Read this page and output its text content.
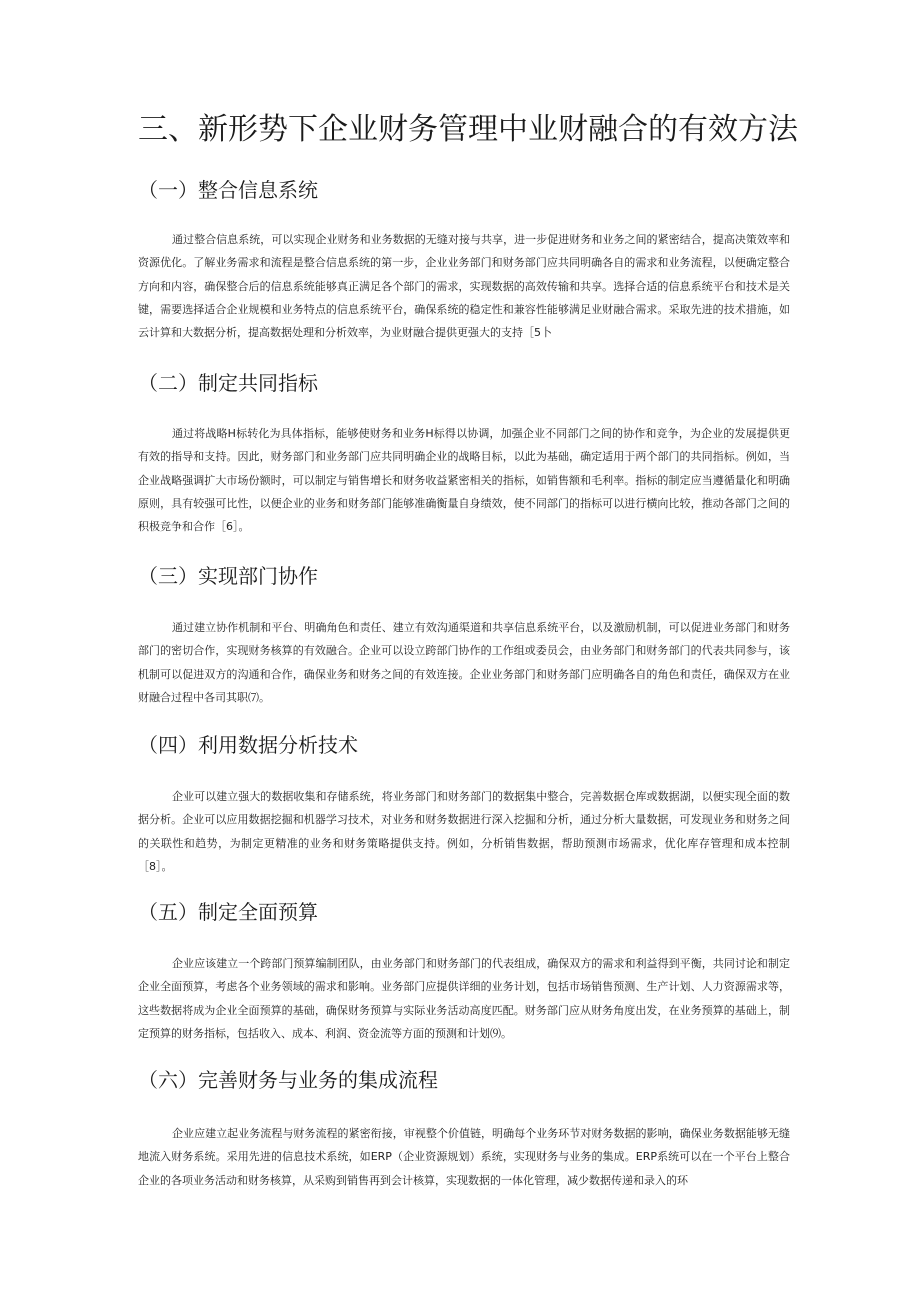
三、新形势下企业财务管理中业财融合的有效方法
（一）整合信息系统

通过整合信息系统，可以实现企业财务和业务数据的无缝对接与共享，进一步促进财务和业务之间的紧密结合，提高决策效率和资源优化。了解业务需求和流程是整合信息系统的第一步，企业业务部门和财务部门应共同明确各自的需求和业务流程，以便确定整合方向和内容，确保整合后的信息系统能够真正满足各个部门的需求，实现数据的高效传输和共享。选择合适的信息系统平台和技术是关键，需要选择适合企业规模和业务特点的信息系统平台，确保系统的稳定性和兼容性能够满足业财融合需求。采取先进的技术措施，如云计算和大数据分析，提高数据处理和分析效率，为业财融合提供更强大的支持［5卜

（二）制定共同指标

通过将战略H标转化为具体指标，能够使财务和业务H标得以协调，加强企业不同部门之间的协作和竞争，为企业的发展提供更有效的指导和支持。因此，财务部门和业务部门应共同明确企业的战略目标，以此为基础，确定适用于两个部门的共同指标。例如，当企业战略强调扩大市场份额时，可以制定与销售增长和财务收益紧密相关的指标，如销售额和毛利率。指标的制定应当遵循量化和明确原则，具有较强可比性，以便企业的业务和财务部门能够准确衡量自身绩效，使不同部门的指标可以进行横向比较，推动各部门之间的积极竞争和合作［6］。

（三）实现部门协作

通过建立协作机制和平台、明确角色和责任、建立有效沟通渠道和共享信息系统平台，以及激励机制，可以促进业务部门和财务部门的密切合作，实现财务核算的有效融合。企业可以设立跨部门协作的工作组或委员会，由业务部门和财务部门的代表共同参与，该机制可以促进双方的沟通和合作，确保业务和财务之间的有效连接。企业业务部门和财务部门应明确各自的角色和责任，确保双方在业财融合过程中各司其职⑺。

（四）利用数据分析技术

企业可以建立强大的数据收集和存储系统，将业务部门和财务部门的数据集中整合，完善数据仓库或数据湖，以便实现全面的数据分析。企业可以应用数据挖掘和机器学习技术，对业务和财务数据进行深入挖掘和分析，通过分析大量数据，可发现业务和财务之间的关联性和趋势，为制定更精准的业务和财务策略提供支持。例如，分析销售数据，帮助预测市场需求，优化库存管理和成本控制［8］。

（五）制定全面预算

企业应该建立一个跨部门预算编制团队，由业务部门和财务部门的代表组成，确保双方的需求和利益得到平衡，共同讨论和制定企业全面预算，考虑各个业务领域的需求和影响。业务部门应提供详细的业务计划，包括市场销售预测、生产计划、人力资源需求等，这些数据将成为企业全面预算的基础，确保财务预算与实际业务活动高度匹配。财务部门应从财务角度出发，在业务预算的基础上，制定预算的财务指标，包括收入、成本、利润、资金流等方面的预测和计划⑼。

（六）完善财务与业务的集成流程

企业应建立起业务流程与财务流程的紧密衔接，审视整个价值链，明确每个业务环节对财务数据的影响，确保业务数据能够无缝地流入财务系统。采用先进的信息技术系统，如ERP（企业资源规划）系统，实现财务与业务的集成。ERP系统可以在一个平台上整合企业的各项业务活动和财务核算，从采购到销售再到会计核算，实现数据的一体化管理，减少数据传递和录入的环
